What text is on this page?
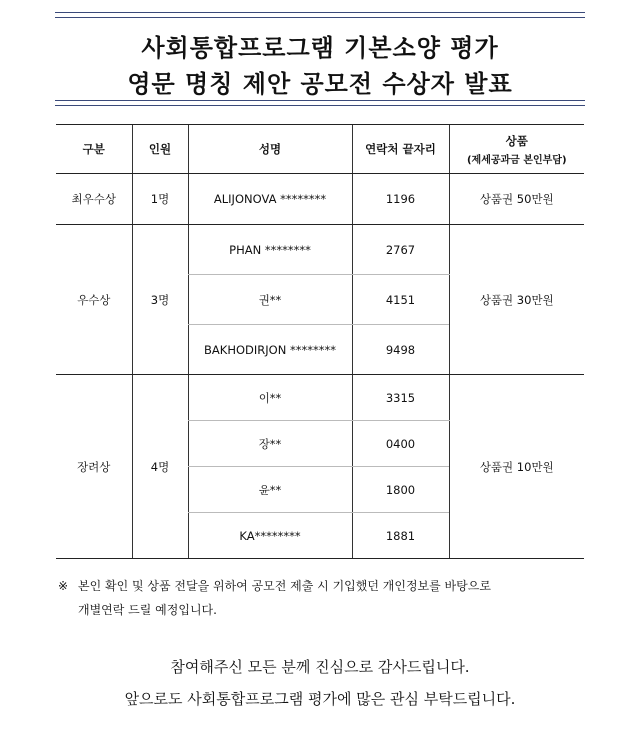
사회통합프로그램 기본소양 평가
영문 명칭 제안 공모전 수상자 발표
구분	인원	성명	연락처 끝자리	상품
(제세공과금 본인부담)

최우수상	1명	ALIJONOVA ********	1196	상품권 50만원
우수상	3명	PHAN ********	2767	상품권 30만원
		권**	4151	
		BAKHODIRJON ********	9498	
장려상	4명	이**	3315	상품권 10만원
		장**	0400	
		윤**	1800	
		KA********	1881	
※ 본인 확인 및 상품 전달을 위하여 공모전 제출 시 기입했던 개인정보를 바탕으로
개별연락 드릴 예정입니다.
참여해주신 모든 분께 진심으로 감사드립니다.
앞으로도 사회통합프로그램 평가에 많은 관심 부탁드립니다.
